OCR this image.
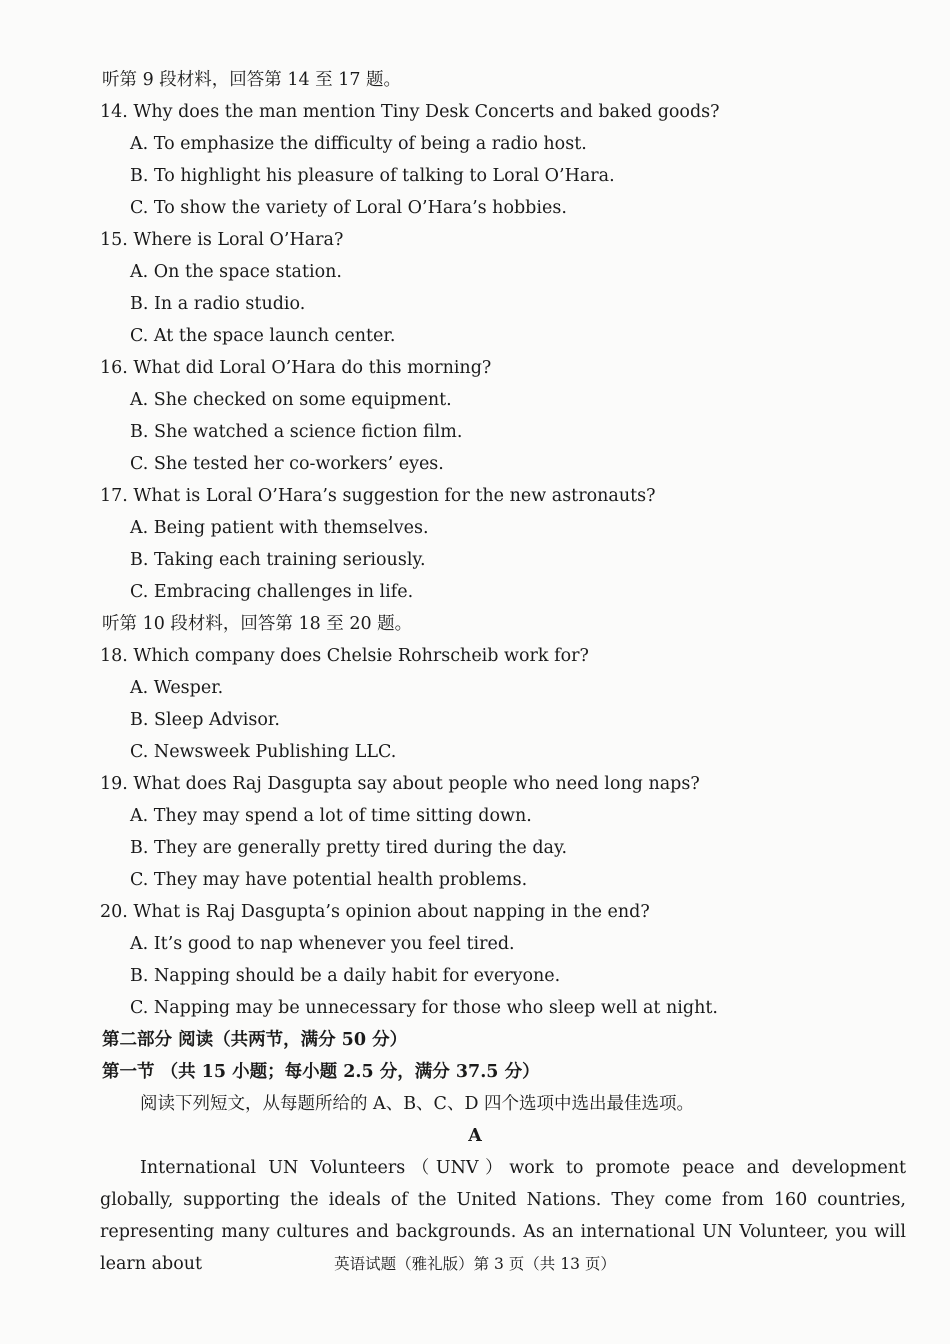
听第 9 段材料，回答第 14 至 17 题。
14. Why does the man mention Tiny Desk Concerts and baked goods?
A. To emphasize the difficulty of being a radio host.
B. To highlight his pleasure of talking to Loral O’Hara.
C. To show the variety of Loral O’Hara’s hobbies.
15. Where is Loral O’Hara?
A. On the space station.
B. In a radio studio.
C. At the space launch center.
16. What did Loral O’Hara do this morning?
A. She checked on some equipment.
B. She watched a science fiction film.
C. She tested her co-workers’ eyes.
17. What is Loral O’Hara’s suggestion for the new astronauts?
A. Being patient with themselves.
B. Taking each training seriously.
C. Embracing challenges in life.
听第 10 段材料，回答第 18 至 20 题。
18. Which company does Chelsie Rohrscheib work for?
A. Wesper.
B. Sleep Advisor.
C. Newsweek Publishing LLC.
19. What does Raj Dasgupta say about people who need long naps?
A. They may spend a lot of time sitting down.
B. They are generally pretty tired during the day.
C. They may have potential health problems.
20. What is Raj Dasgupta’s opinion about napping in the end?
A. It’s good to nap whenever you feel tired.
B. Napping should be a daily habit for everyone.
C. Napping may be unnecessary for those who sleep well at night.
第二部分 阅读（共两节，满分 50 分）
第一节 （共 15 小题；每小题 2.5 分，满分 37.5 分）
阅读下列短文，从每题所给的 A、B、C、D 四个选项中选出最佳选项。
A
International UN Volunteers（UNV）work to promote peace and development globally, supporting the ideals of the United Nations. They come from 160 countries, representing many cultures and backgrounds. As an international UN Volunteer, you will learn about	英语试题（雅礼版）第 3 页（共 13 页）
